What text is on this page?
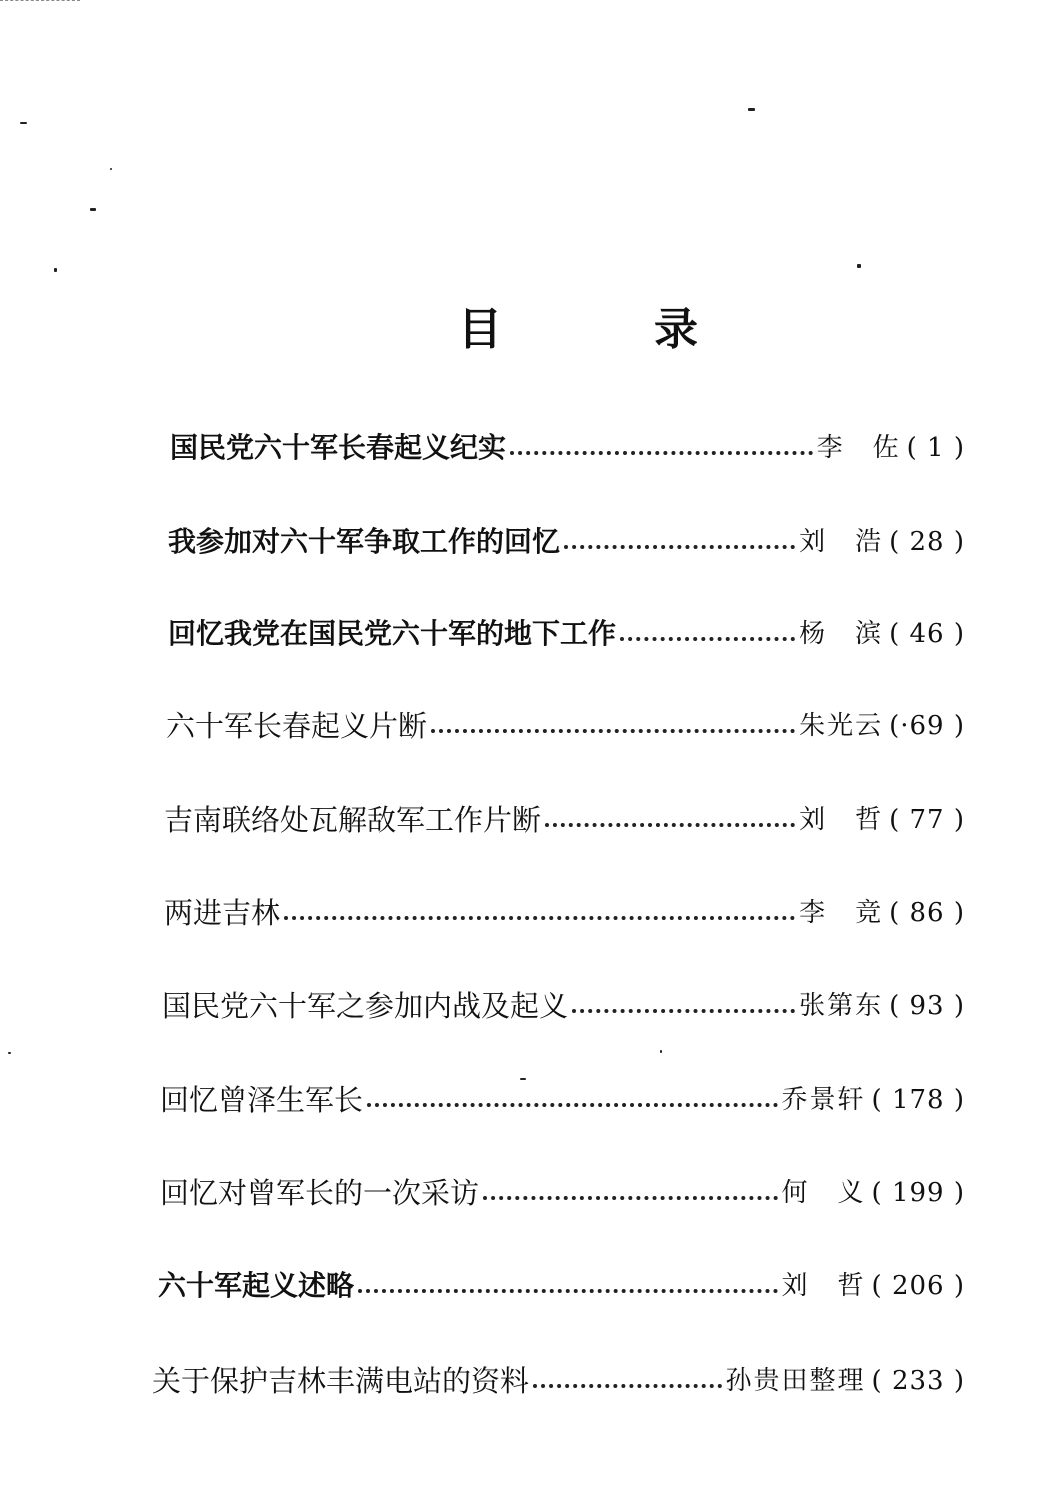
目	录
国民党六十军长春起义纪实	李　佐 ( 1 )
我参加对六十军争取工作的回忆	刘　浩 ( 28 )
回忆我党在国民党六十军的地下工作	杨　滨 ( 46 )
六十军长春起义片断	朱光云 (·69 )
吉南联络处瓦解敌军工作片断	刘　哲 ( 77 )
两进吉林	李　竞 ( 86 )
国民党六十军之参加内战及起义	张第东 ( 93 )
回忆曾泽生军长	乔景轩 ( 178 )
回忆对曾军长的一次采访	何　义 ( 199 )
六十军起义述略	刘　哲 ( 206 )
关于保护吉林丰满电站的资料	孙贵田整理 ( 233 )
